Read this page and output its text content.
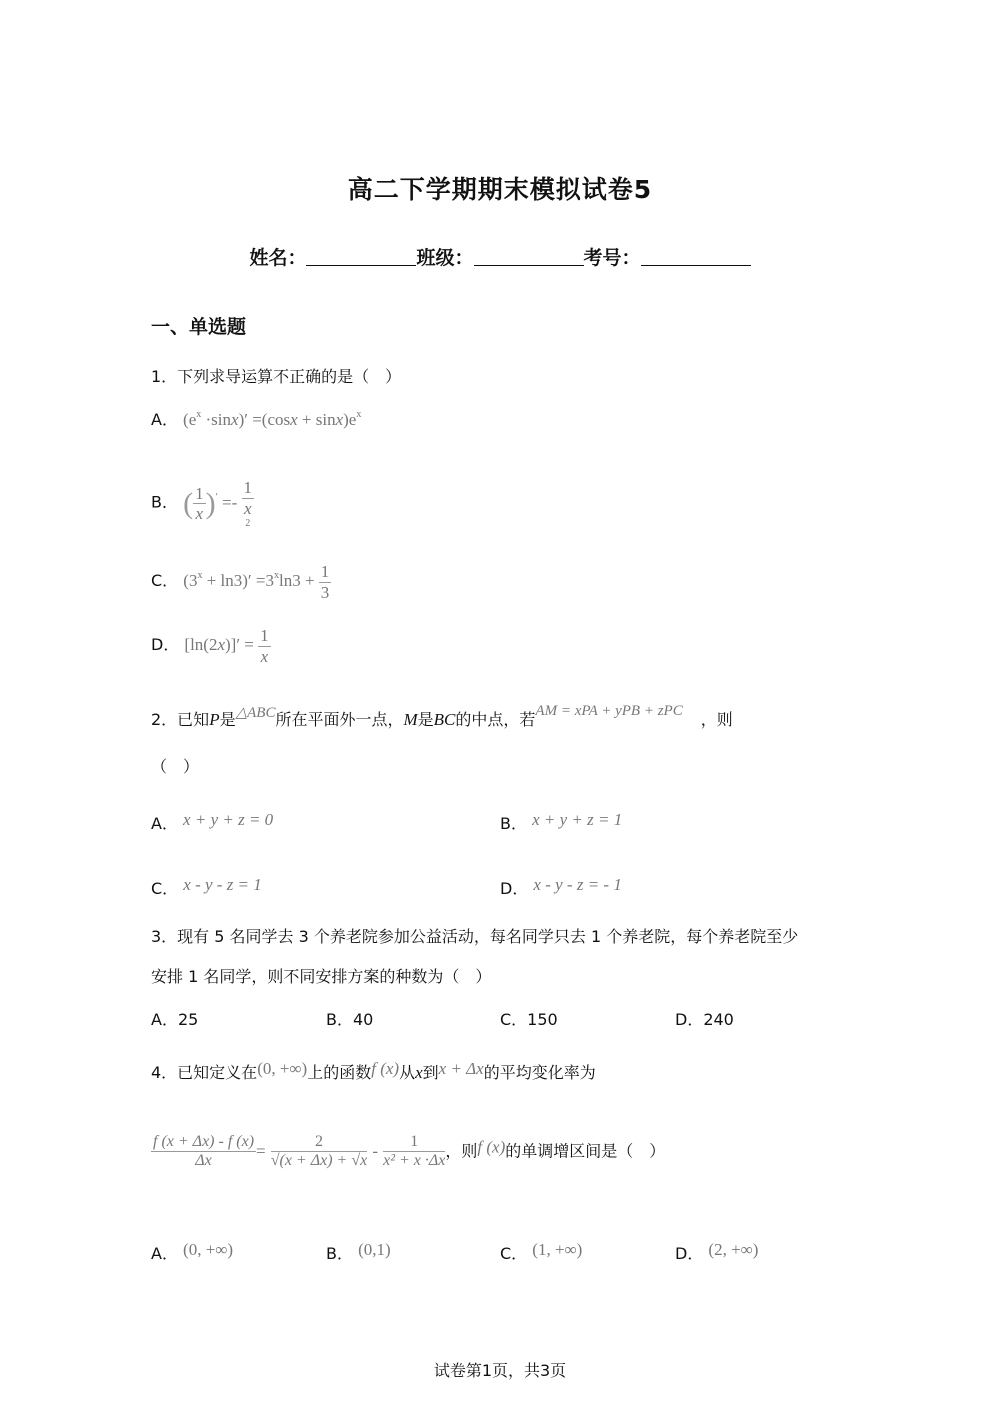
高二下学期期末模拟试卷5
姓名：	班级：	考号：
一、单选题
1．下列求导运算不正确的是（　）
A． $(e^x \cdot\sin x)' =(\cos x + \sin x)e^x$
B． ( $\frac{1}{x} )' =- 1$
x
2
C． $(3^x + \ln 3)' =3^x\ln 3 + \frac{1}{3}$
D． $[\ln(2x)]' = \frac{1}{x}$
2．已知P是△ABC所在平面外一点，M是BC的中点，若AM = xPA + yPB + zPC ，则
（　）
A． x + y + z = 0	B． x + y + z = 1
C． x - y - z = 1	D． x - y - z = - 1
3．现有 5 名同学去 3 个养老院参加公益活动，每名同学只去 1 个养老院，每个养老院至少
安排 1 名同学，则不同安排方案的种数为（　）
A．25	B．40	C．150	D．240
4．已知定义在(0, +∞)上的函数f (x)从x到x + Δx的平均变化率为
$\frac{f (x + \Delta x) - f (x)}{\Delta x} = \frac{2}{√(x + \Delta x) + √x} - \frac{1}{\text{x² + x ·Δx}}$ ，则f (x)的单调增区间是（　）
A． (0, +∞)	B． (0,1)	C． (1, +∞)	D． (2, +∞)
试卷第1页，共3页
